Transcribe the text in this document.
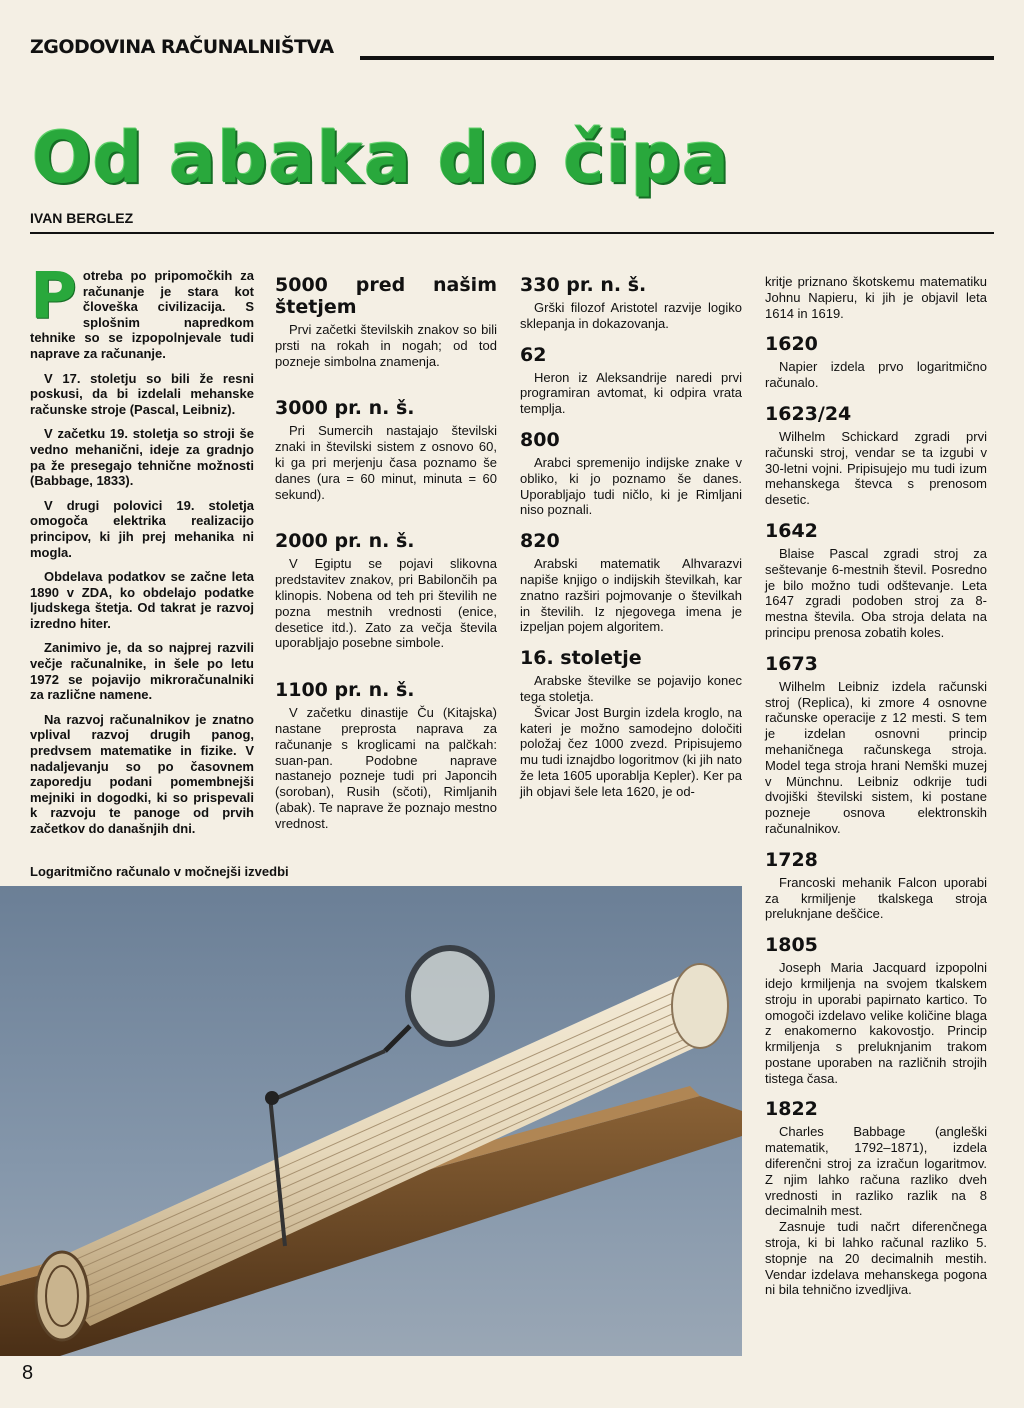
ZGODOVINA RAČUNALNIŠTVA
Od abaka do čipa
IVAN BERGLEZ

Potreba po pripomočkih za računanje je stara kot človeška civilizacija. S splošnim napredkom tehnike so se izpopolnjevale tudi naprave za računanje.

V 17. stoletju so bili že resni poskusi, da bi izdelali mehanske računske stroje (Pascal, Leibniz).

V začetku 19. stoletja so stroji še vedno mehanični, ideje za gradnjo pa že presegajo tehnične možnosti (Babbage, 1833).

V drugi polovici 19. stoletja omogoča elektrika realizacijo principov, ki jih prej mehanika ni mogla.

Obdelava podatkov se začne leta 1890 v ZDA, ko obdelajo podatke ljudskega štetja. Od takrat je razvoj izredno hiter.

Zanimivo je, da so najprej razvili večje računalnike, in šele po letu 1972 se pojavijo mikroračunalniki za različne namene.

Na razvoj računalnikov je znatno vplival razvoj drugih panog, predvsem matematike in fizike. V nadaljevanju so po časovnem zaporedju podani pomembnejši mejniki in dogodki, ki so prispevali k razvoju te panoge od prvih začetkov do današnjih dni.

5000 pred našim štetjem

Prvi začetki številskih znakov so bili prsti na rokah in nogah; od tod pozneje simbolna znamenja.

3000 pr. n. š.

Pri Sumercih nastajajo številski znaki in številski sistem z osnovo 60, ki ga pri merjenju časa poznamo še danes (ura = 60 minut, minuta = 60 sekund).

2000 pr. n. š.

V Egiptu se pojavi slikovna predstavitev znakov, pri Babilončih pa klinopis. Nobena od teh pri številih ne pozna mestnih vrednosti (enice, desetice itd.). Zato za večja števila uporabljajo posebne simbole.

1100 pr. n. š.

V začetku dinastije Ču (Kitajska) nastane preprosta naprava za računanje s kroglicami na palčkah: suan-pan. Podobne naprave nastanejo pozneje tudi pri Japoncih (soroban), Rusih (sčoti), Rimljanih (abak). Te naprave že poznajo mestno vrednost.

330 pr. n. š.

Grški filozof Aristotel razvije logiko sklepanja in dokazovanja.

62

Heron iz Aleksandrije naredi prvi programiran avtomat, ki odpira vrata templja.

800

Arabci spremenijo indijske znake v obliko, ki jo poznamo še danes. Uporabljajo tudi ničlo, ki je Rimljani niso poznali.

820

Arabski matematik Alhvarazvi napiše knjigo o indijskih številkah, kar znatno razširi pojmovanje o številkah in številih. Iz njegovega imena je izpeljan pojem algoritem.

16. stoletje

Arabske številke se pojavijo konec tega stoletja.

Švicar Jost Burgin izdela kroglo, na kateri je možno samodejno določiti položaj čez 1000 zvezd. Pripisujemo mu tudi iznajdbo logoritmov (ki jih nato že leta 1605 uporablja Kepler). Ker pa jih objavi šele leta 1620, je od-

kritje priznano škotskemu matematiku Johnu Napieru, ki jih je objavil leta 1614 in 1619.

1620

Napier izdela prvo logaritmično računalo.

1623/24

Wilhelm Schickard zgradi prvi računski stroj, vendar se ta izgubi v 30-letni vojni. Pripisujejo mu tudi izum mehanskega števca s prenosom desetic.

1642

Blaise Pascal zgradi stroj za seštevanje 6-mestnih števil. Posredno je bilo možno tudi odštevanje. Leta 1647 zgradi podoben stroj za 8-mestna števila. Oba stroja delata na principu prenosa zobatih koles.

1673

Wilhelm Leibniz izdela računski stroj (Replica), ki zmore 4 osnovne računske operacije z 12 mesti. S tem je izdelan osnovni princip mehaničnega računskega stroja. Model tega stroja hrani Nemški muzej v Münchnu. Leibniz odkrije tudi dvojiški številski sistem, ki postane pozneje osnova elektronskih računalnikov.

1728

Francoski mehanik Falcon uporabi za krmiljenje tkalskega stroja preluknjane deščice.

1805

Joseph Maria Jacquard izpopolni idejo krmiljenja na svojem tkalskem stroju in uporabi papirnato kartico. To omogoči izdelavo velike količine blaga z enakomerno kakovostjo. Princip krmiljenja s preluknjanim trakom postane uporaben na različnih strojih tistega časa.

1822

Charles Babbage (angleški matematik, 1792–1871), izdela diferenčni stroj za izračun logaritmov. Z njim lahko računa razliko dveh vrednosti in razliko razlik na 8 decimalnih mest.

Zasnuje tudi načrt diferenčnega stroja, ki bi lahko računal razliko 5. stopnje na 20 decimalnih mestih. Vendar izdelava mehanskega pogona ni bila tehnično izvedljiva.

Logaritmično računalo v močnejši izvedbi
8
